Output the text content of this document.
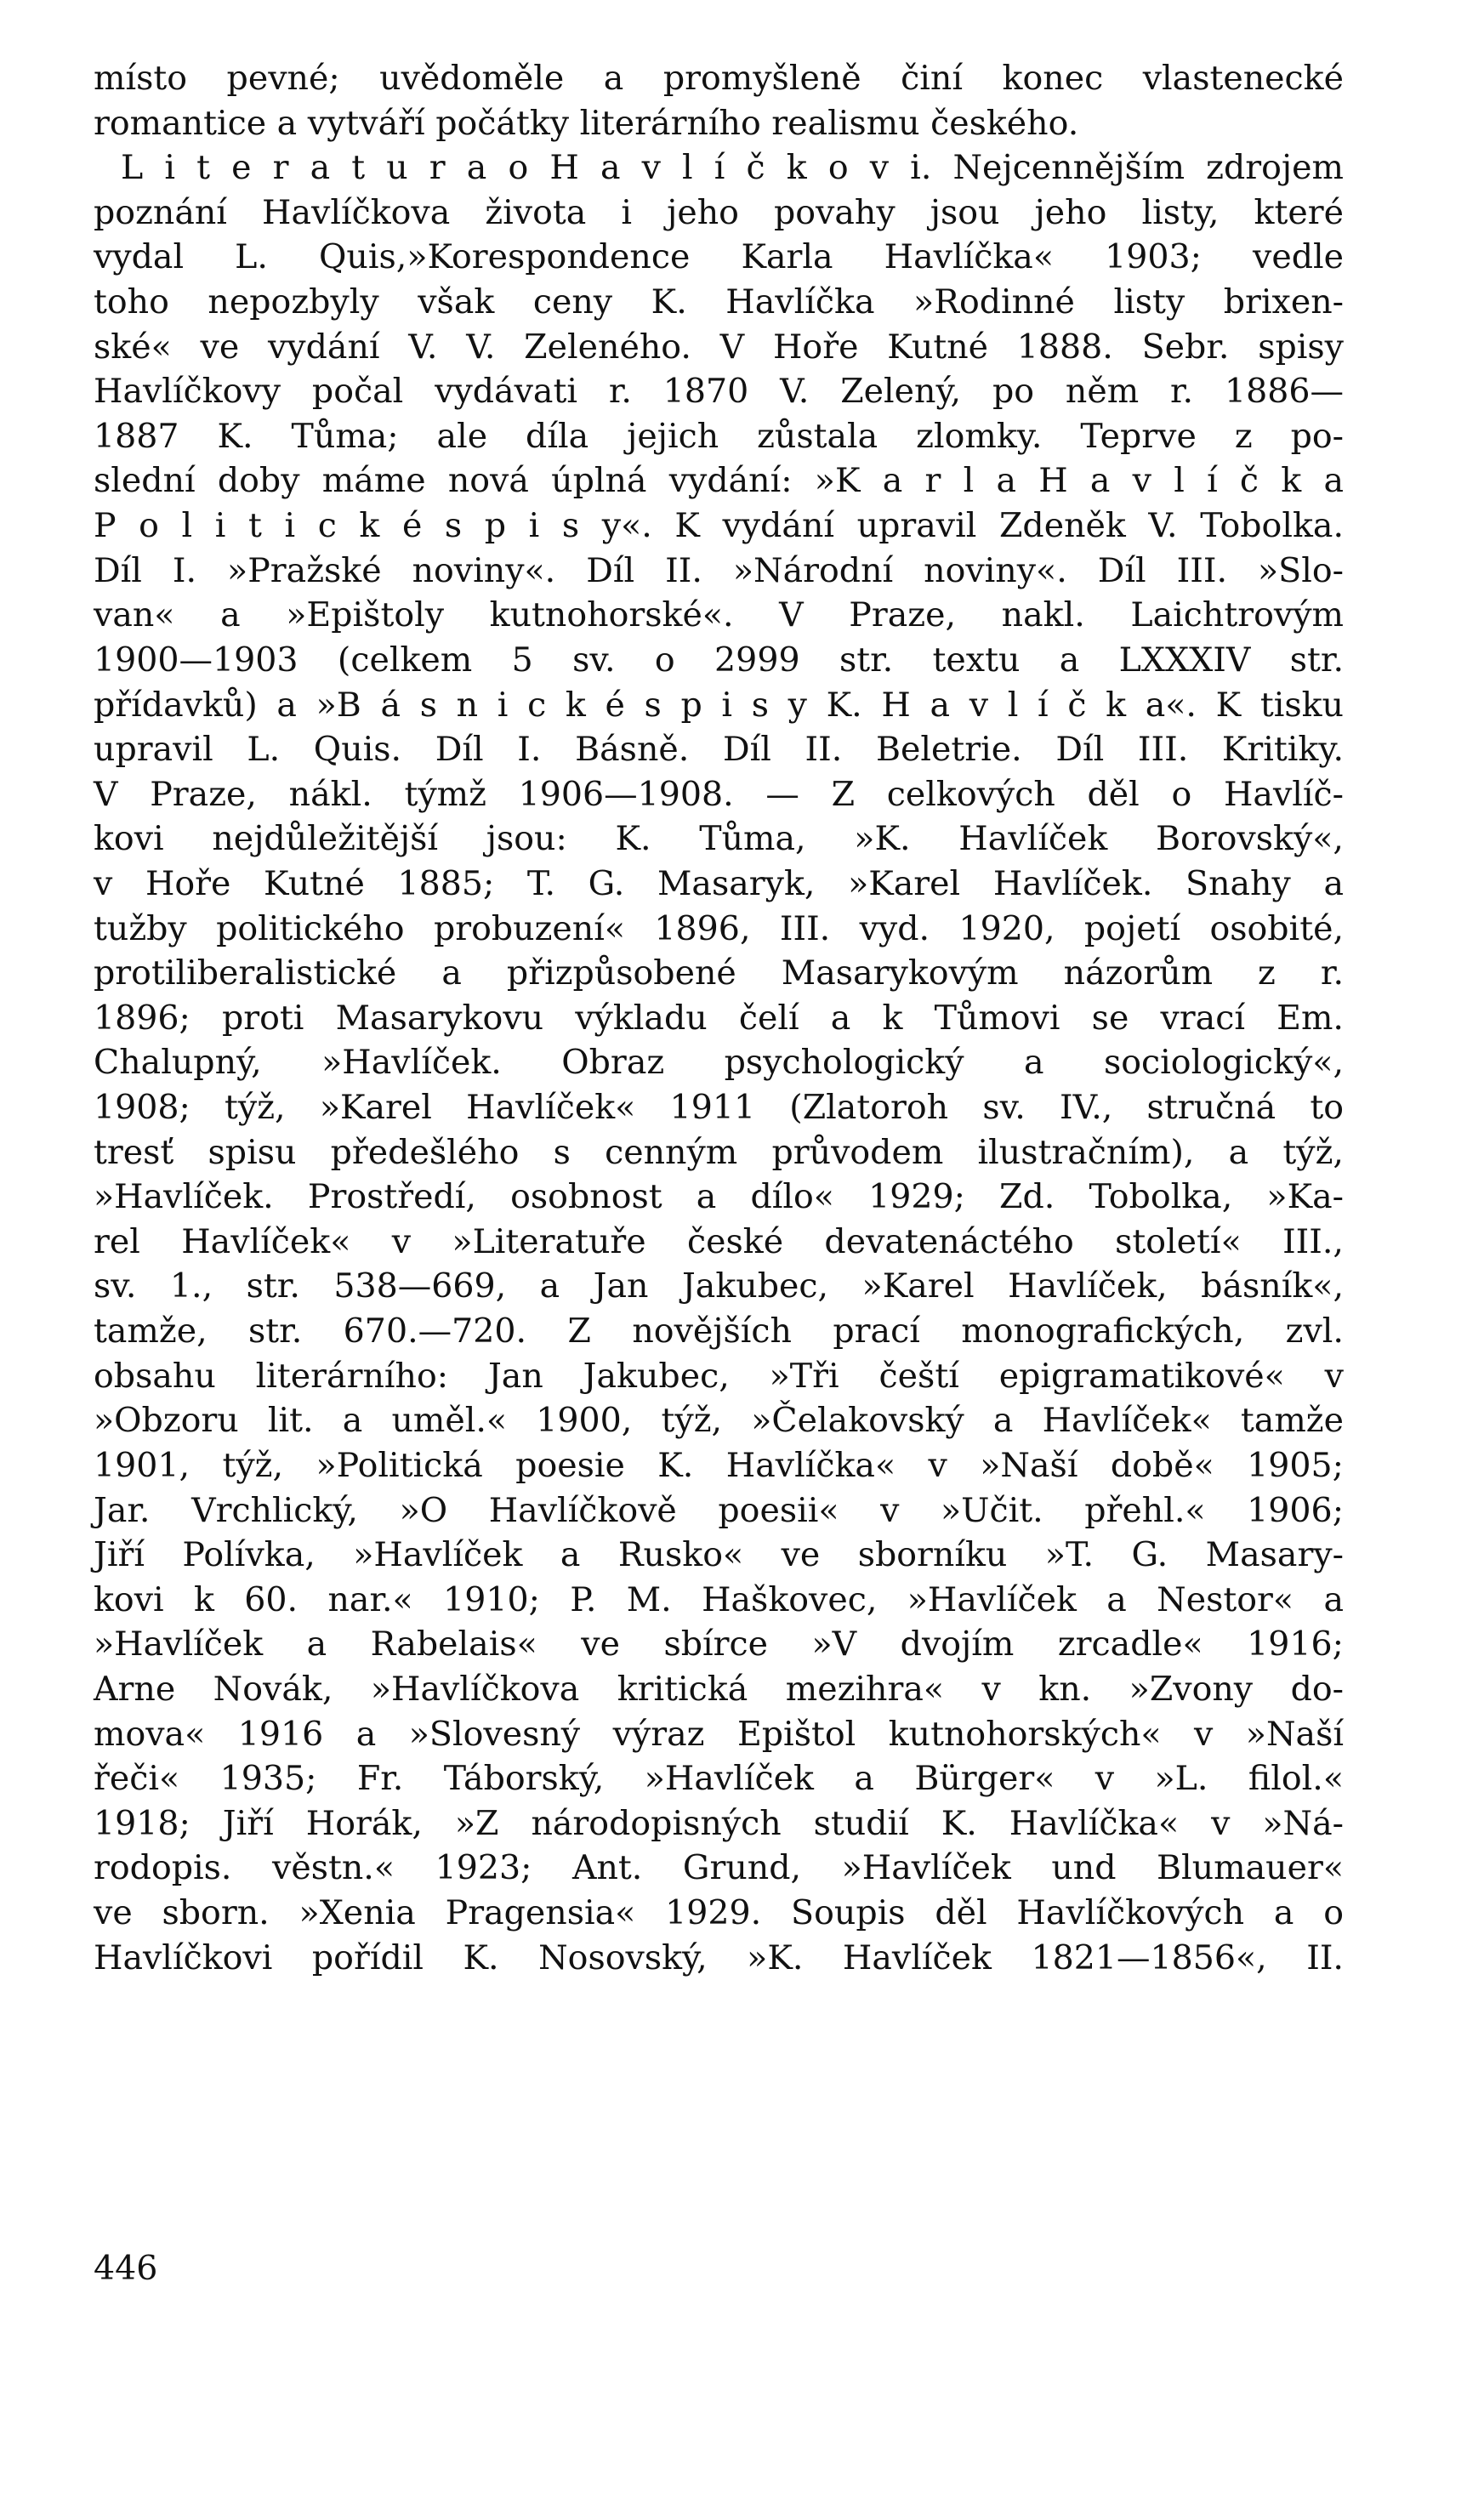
místo pevné; uvědoměle a promyšleně činí konec vlastenecké
romantice a vytváří počátky literárního realismu českého.
L i t e r a t u r a o H a v l í č k o v i. Nejcennějším zdrojem
poznání Havlíčkova života i jeho povahy jsou jeho listy, které
vydal L. Quis,»Korespondence Karla Havlíčka« 1903; vedle
toho nepozbyly však ceny K. Havlíčka »Rodinné listy brixen-
ské« ve vydání V. V. Zeleného. V Hoře Kutné 1888. Sebr. spisy
Havlíčkovy počal vydávati r. 1870 V. Zelený, po něm r. 1886—
1887 K. Tůma; ale díla jejich zůstala zlomky. Teprve z po-
slední doby máme nová úplná vydání: »K a r l a H a v l í č k a
P o l i t i c k é s p i s y«. K vydání upravil Zdeněk V. Tobolka.
Díl I. »Pražské noviny«. Díl II. »Národní noviny«. Díl III. »Slo-
van« a »Epištoly kutnohorské«. V Praze, nakl. Laichtrovým
1900—1903 (celkem 5 sv. o 2999 str. textu a LXXXIV str.
přídavků) a »B á s n i c k é s p i s y K. H a v l í č k a«. K tisku
upravil L. Quis. Díl I. Básně. Díl II. Beletrie. Díl III. Kritiky.
V Praze, nákl. týmž 1906—1908. — Z celkových děl o Havlíč-
kovi nejdůležitější jsou: K. Tůma, »K. Havlíček Borovský«,
v Hoře Kutné 1885; T. G. Masaryk, »Karel Havlíček. Snahy a
tužby politického probuzení« 1896, III. vyd. 1920, pojetí osobité,
protiliberalistické a přizpůsobené Masarykovým názorům z r.
1896; proti Masarykovu výkladu čelí a k Tůmovi se vrací Em.
Chalupný, »Havlíček. Obraz psychologický a sociologický«,
1908; týž, »Karel Havlíček« 1911 (Zlatoroh sv. IV., stručná to
tresť spisu předešlého s cenným průvodem ilustračním), a týž,
»Havlíček. Prostředí, osobnost a dílo« 1929; Zd. Tobolka, »Ka-
rel Havlíček« v »Literatuře české devatenáctého století« III.,
sv. 1., str. 538—669, a Jan Jakubec, »Karel Havlíček, básník«,
tamže, str. 670.—720. Z novějších prací monografických, zvl.
obsahu literárního: Jan Jakubec, »Tři čeští epigramatikové« v
»Obzoru lit. a uměl.« 1900, týž, »Čelakovský a Havlíček« tamže
1901, týž, »Politická poesie K. Havlíčka« v »Naší době« 1905;
Jar. Vrchlický, »O Havlíčkově poesii« v »Učit. přehl.« 1906;
Jiří Polívka, »Havlíček a Rusko« ve sborníku »T. G. Masary-
kovi k 60. nar.« 1910; P. M. Haškovec, »Havlíček a Nestor« a
»Havlíček a Rabelais« ve sbírce »V dvojím zrcadle« 1916;
Arne Novák, »Havlíčkova kritická mezihra« v kn. »Zvony do-
mova« 1916 a »Slovesný výraz Epištol kutnohorských« v »Naší
řeči« 1935; Fr. Táborský, »Havlíček a Bürger« v »L. filol.«
1918; Jiří Horák, »Z národopisných studií K. Havlíčka« v »Ná-
rodopis. věstn.« 1923; Ant. Grund, »Havlíček und Blumauer«
ve sborn. »Xenia Pragensia« 1929. Soupis děl Havlíčkových a o
Havlíčkovi pořídil K. Nosovský, »K. Havlíček 1821—1856«, II.
446
